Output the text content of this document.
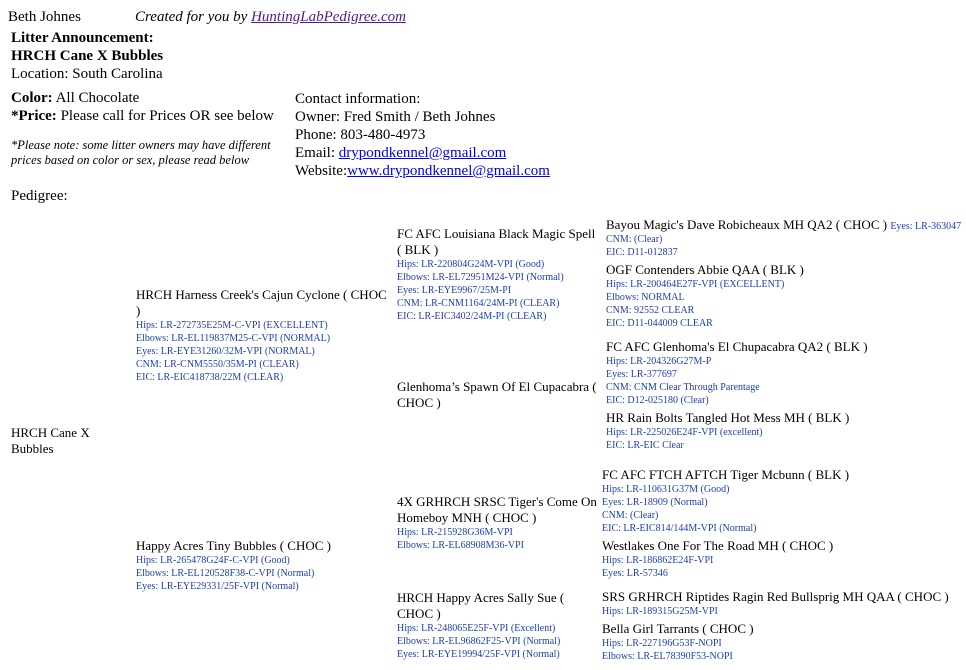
Beth Johnes	Created for you by HuntingLabPedigree.com
Litter Announcement:
HRCH Cane X Bubbles
Location: South Carolina
Color: All Chocolate
*Price: Please call for Prices OR see below
*Please note: some litter owners may have different prices based on color or sex, please read below
Contact information:
Owner: Fred Smith / Beth Johnes
Phone: 803-480-4973
Email: drypondkennel@gmail.com
Website:www.drypondkennel@gmail.com
Pedigree:
HRCH Cane X Bubbles
HRCH Harness Creek's Cajun Cyclone ( CHOC )
Hips: LR-272735E25M-C-VPI (EXCELLENT)
Elbows: LR-EL119837M25-C-VPI (NORMAL)
Eyes: LR-EYE31260/32M-VPI (NORMAL)
CNM: LR-CNM5550/35M-PI (CLEAR)
EIC: LR-EIC418738/22M (CLEAR)
Happy Acres Tiny Bubbles ( CHOC )
Hips: LR-265478G24F-C-VPI (Good)
Elbows: LR-EL120528F38-C-VPI (Normal)
Eyes: LR-EYE29331/25F-VPI (Normal)
FC AFC Louisiana Black Magic Spell ( BLK )
Hips: LR-220804G24M-VPI (Good)
Elbows: LR-EL72951M24-VPI (Normal)
Eyes: LR-EYE9967/25M-PI
CNM: LR-CNM1164/24M-PI (CLEAR)
EIC: LR-EIC3402/24M-PI (CLEAR)
Glenhoma’s Spawn Of El Cupacabra ( CHOC )
4X GRHRCH SRSC Tiger's Come On Homeboy MNH ( CHOC )
Hips: LR-215928G36M-VPI
Elbows: LR-EL68908M36-VPI
HRCH Happy Acres Sally Sue ( CHOC )
Hips: LR-248065E25F-VPI (Excellent)
Elbows: LR-EL96862F25-VPI (Normal)
Eyes: LR-EYE19994/25F-VPI (Normal)
Bayou Magic's Dave Robicheaux MH QA2 ( CHOC ) Eyes: LR-363047
CNM: (Clear)
EIC: D11-012837
OGF Contenders Abbie QAA ( BLK )
Hips: LR-200464E27F-VPI (EXCELLENT)
Elbows: NORMAL
CNM: 92552 CLEAR
EIC: D11-044009 CLEAR
FC AFC Glenhoma's El Chupacabra QA2 ( BLK )
Hips: LR-204326G27M-P
Eyes: LR-377697
CNM: CNM Clear Through Parentage
EIC: D12-025180 (Clear)
HR Rain Bolts Tangled Hot Mess MH ( BLK )
Hips: LR-225026E24F-VPI (excellent)
EIC: LR-EIC Clear
FC AFC FTCH AFTCH Tiger Mcbunn ( BLK )
Hips: LR-110631G37M (Good)
Eyes: LR-18909 (Normal)
CNM: (Clear)
EIC: LR-EIC814/144M-VPI (Normal)
Westlakes One For The Road MH ( CHOC )
Hips: LR-186862E24F-VPI
Eyes: LR-57346
SRS GRHRCH Riptides Ragin Red Bullsprig MH QAA ( CHOC )
Hips: LR-189315G25M-VPI
Bella Girl Tarrants ( CHOC )
Hips: LR-227196G53F-NOPI
Elbows: LR-EL78390F53-NOPI
